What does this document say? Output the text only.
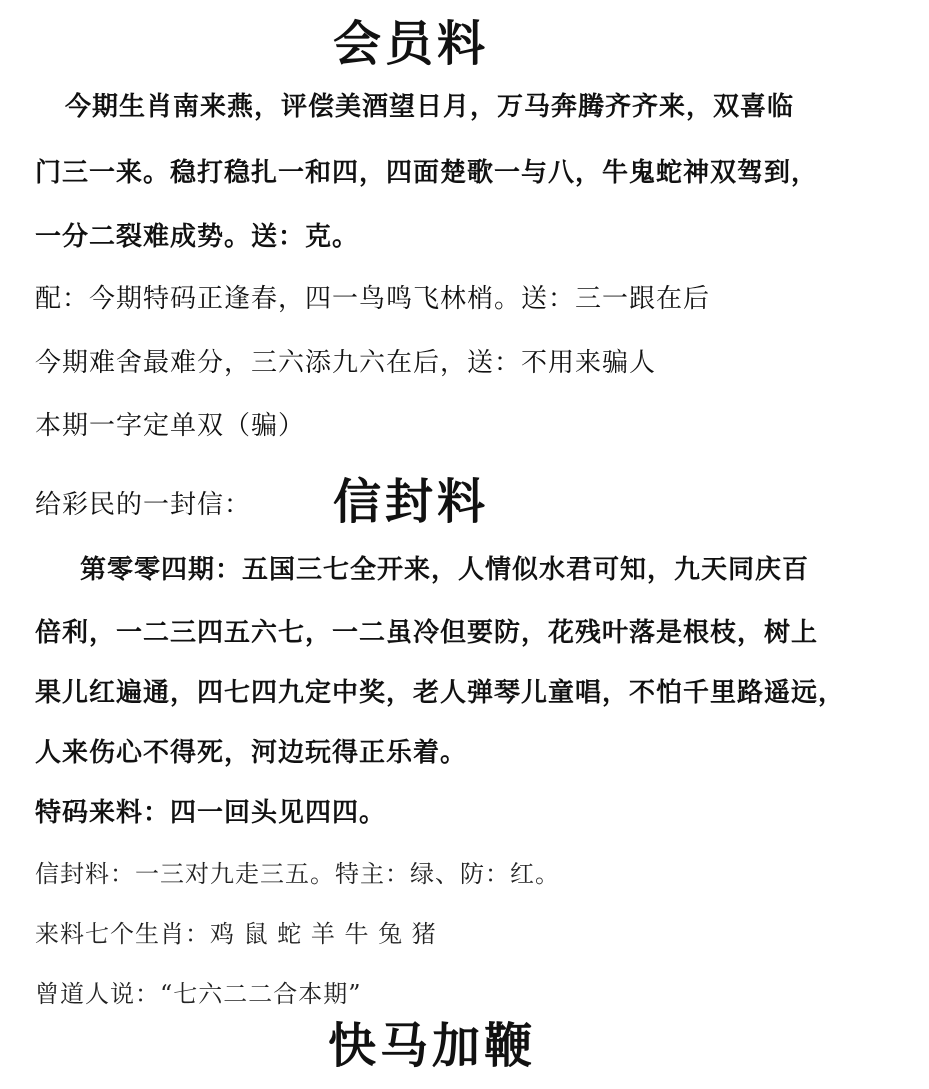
会员料
今期生肖南来燕，评偿美酒望日月，万马奔腾齐齐来，双喜临
门三一来。稳打稳扎一和四，四面楚歌一与八，牛鬼蛇神双驾到，
一分二裂难成势。送：克。
配：今期特码正逢春，四一鸟鸣飞林梢。送：三一跟在后
今期难舍最难分，三六添九六在后，送：不用来骗人
本期一字定单双（骗）
给彩民的一封信： 信封料
第零零四期：五国三七全开来，人情似水君可知，九天同庆百
倍利，一二三四五六七，一二虽冷但要防，花残叶落是根枝，树上
果儿红遍通，四七四九定中奖，老人弹琴儿童唱，不怕千里路遥远，
人来伤心不得死，河边玩得正乐着。
特码来料：四一回头见四四。
信封料：一三对九走三五。特主：绿、防：红。
来料七个生肖：鸡 鼠 蛇 羊 牛 兔 猪
曾道人说：“七六二二合本期”
快马加鞭
